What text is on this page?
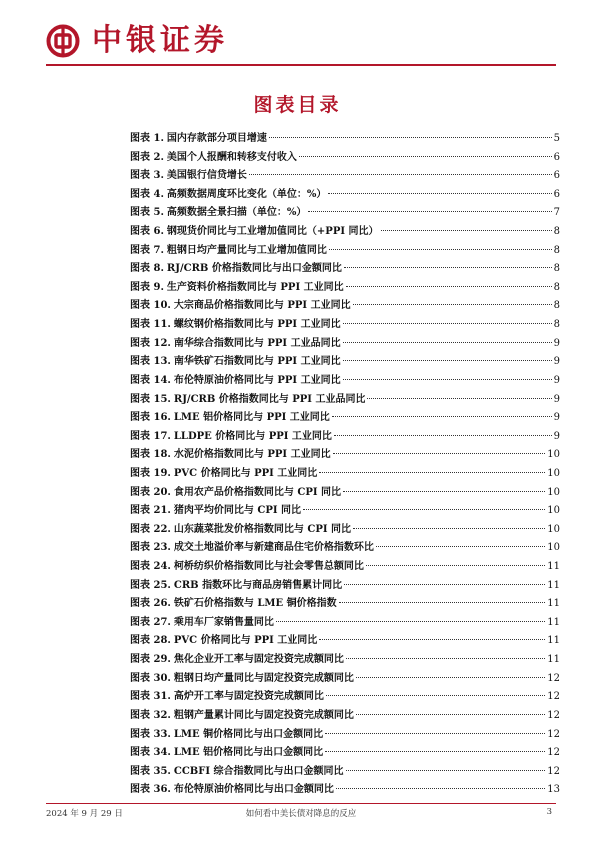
中银证券
图表目录
图表 1. 国内存款部分项目增速	5
图表 2. 美国个人报酬和转移支付收入	6
图表 3. 美国银行信贷增长	6
图表 4. 高频数据周度环比变化（单位：%）	6
图表 5. 高频数据全景扫描（单位：%）	7
图表 6. 钢现货价同比与工业增加值同比（+PPI 同比）	8
图表 7. 粗钢日均产量同比与工业增加值同比	8
图表 8. RJ/CRB 价格指数同比与出口金额同比	8
图表 9. 生产资料价格指数同比与 PPI 工业同比	8
图表 10. 大宗商品价格指数同比与 PPI 工业同比	8
图表 11. 螺纹钢价格指数同比与 PPI 工业同比	8
图表 12. 南华综合指数同比与 PPI 工业品同比	9
图表 13. 南华铁矿石指数同比与 PPI 工业同比	9
图表 14. 布伦特原油价格同比与 PPI 工业同比	9
图表 15. RJ/CRB 价格指数同比与 PPI 工业品同比	9
图表 16. LME 铝价格同比与 PPI 工业同比	9
图表 17. LLDPE 价格同比与 PPI 工业同比	9
图表 18. 水泥价格指数同比与 PPI 工业同比	10
图表 19. PVC 价格同比与 PPI 工业同比	10
图表 20. 食用农产品价格指数同比与 CPI 同比	10
图表 21. 猪肉平均价同比与 CPI 同比	10
图表 22. 山东蔬菜批发价格指数同比与 CPI 同比	10
图表 23. 成交土地溢价率与新建商品住宅价格指数环比	10
图表 24. 柯桥纺织价格指数同比与社会零售总额同比	11
图表 25. CRB 指数环比与商品房销售累计同比	11
图表 26. 铁矿石价格指数与 LME 铜价格指数	11
图表 27. 乘用车厂家销售量同比	11
图表 28. PVC 价格同比与 PPI 工业同比	11
图表 29. 焦化企业开工率与固定投资完成额同比	11
图表 30. 粗钢日均产量同比与固定投资完成额同比	12
图表 31. 高炉开工率与固定投资完成额同比	12
图表 32. 粗钢产量累计同比与固定投资完成额同比	12
图表 33. LME 铜价格同比与出口金额同比	12
图表 34. LME 铝价格同比与出口金额同比	12
图表 35. CCBFI 综合指数同比与出口金额同比	12
图表 36. 布伦特原油价格同比与出口金额同比	13
2024 年 9 月 29 日	如何看中美长债对降息的反应	3
